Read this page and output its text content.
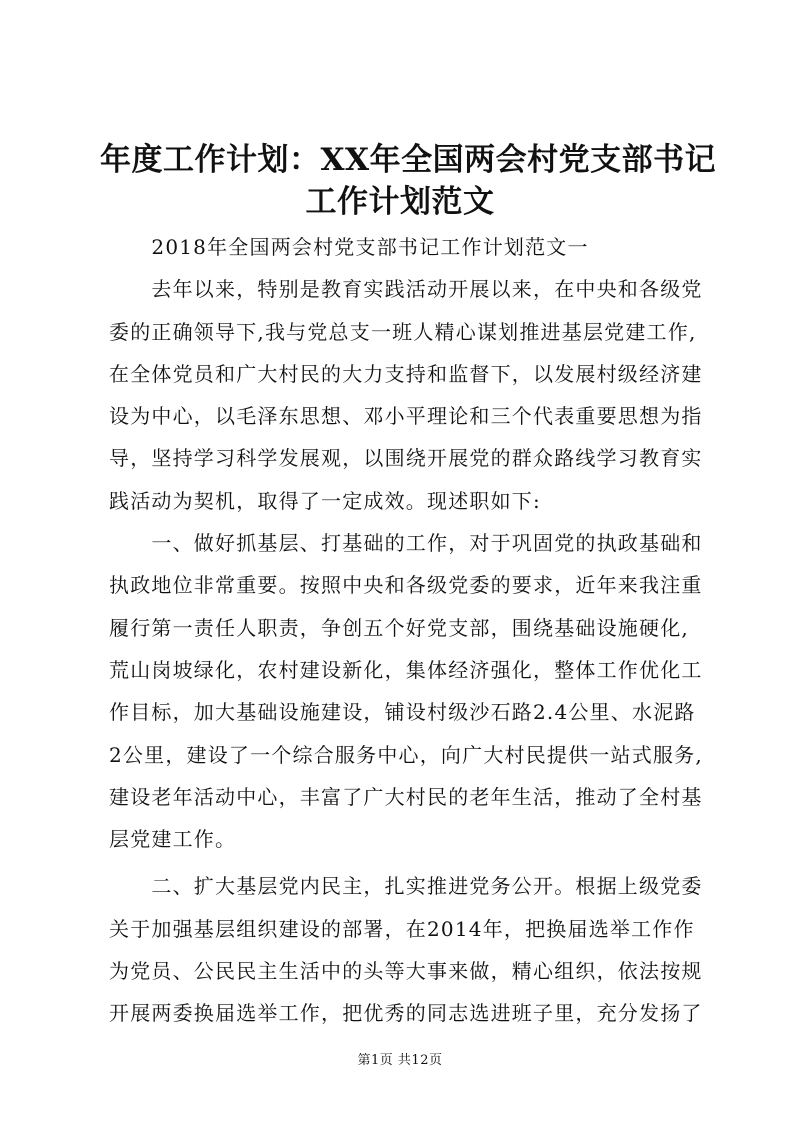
年度工作计划：XX年全国两会村党支部书记
工作计划范文
　　2018年全国两会村党支部书记工作计划范文一
　　去年以来，特别是教育实践活动开展以来，在中央和各级党
委的正确领导下,我与党总支一班人精心谋划推进基层党建工作,
在全体党员和广大村民的大力支持和监督下，以发展村级经济建
设为中心，以毛泽东思想、邓小平理论和三个代表重要思想为指
导，坚持学习科学发展观，以围绕开展党的群众路线学习教育实
践活动为契机，取得了一定成效。现述职如下:
　　一、做好抓基层、打基础的工作，对于巩固党的执政基础和
执政地位非常重要。按照中央和各级党委的要求，近年来我注重
履行第一责任人职责，争创五个好党支部，围绕基础设施硬化,
荒山岗坡绿化，农村建设新化，集体经济强化，整体工作优化工
作目标，加大基础设施建设，铺设村级沙石路2.4公里、水泥路
2公里，建设了一个综合服务中心，向广大村民提供一站式服务,
建设老年活动中心，丰富了广大村民的老年生活，推动了全村基
层党建工作。
　　二、扩大基层党内民主，扎实推进党务公开。根据上级党委
关于加强基层组织建设的部署，在2014年，把换届选举工作作
为党员、公民民主生活中的头等大事来做，精心组织，依法按规
开展两委换届选举工作，把优秀的同志选进班子里，充分发扬了
第1页 共12页
